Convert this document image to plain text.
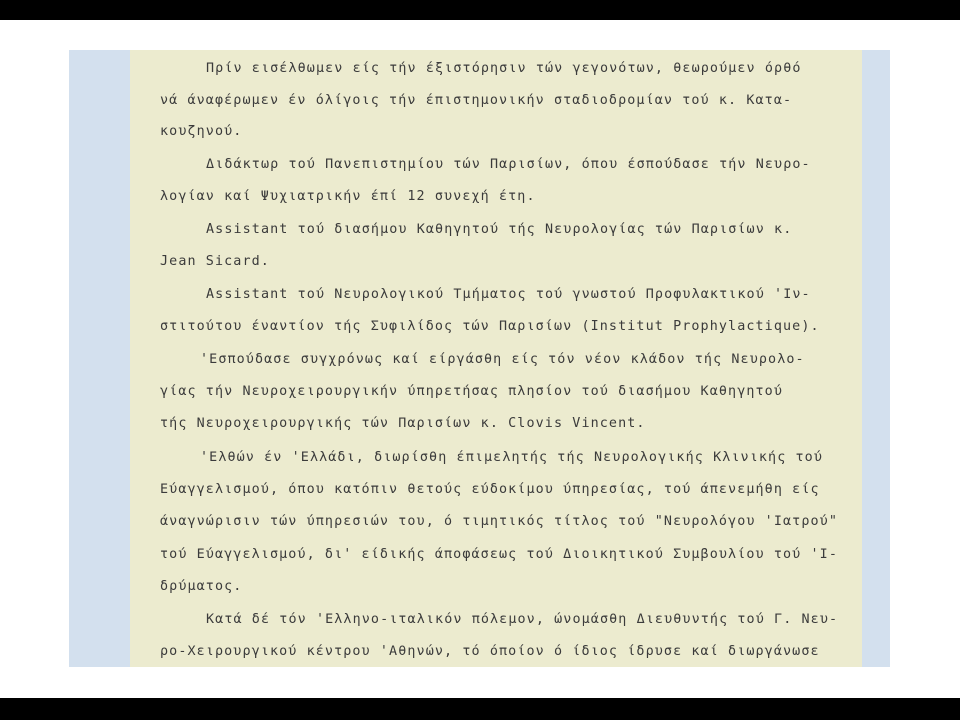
Πρίν εισέλθωμεν είς τήν έξιστόρησιν τών γεγονότων, θεωρούμεν όρθό
νά άναφέρωμεν έν όλίγοις τήν έπιστημονικήν σταδιοδρομίαν τού κ. Κατα-
κουζηνού.
Διδάκτωρ τού Πανεπιστημίου τών Παρισίων, όπου έσπούδασε τήν Νευρο-
λογίαν καί Ψυχιατρικήν έπί 12 συνεχή έτη.
Assistant τού διασήμου Καθηγητού τής Νευρολογίας τών Παρισίων κ.
Jean Sicard.
Assistant τού Νευρολογικού Τμήματος τού γνωστού Προφυλακτικού 'Ιν-
στιτούτου έναντίον τής Συφιλίδος τών Παρισίων (Institut Prophylactique).
'Εσπούδασε συγχρόνως καί είργάσθη είς τόν νέον κλάδον τής Νευρολο-
γίας τήν Νευροχειρουργικήν ύπηρετήσας πλησίον τού διασήμου Καθηγητού
τής Νευροχειρουργικής τών Παρισίων κ. Clovis Vincent.
'Ελθών έν 'Ελλάδι, διωρίσθη έπιμελητής τής Νευρολογικής Κλινικής τού
Εύαγγελισμού, όπου κατόπιν θετούς εύδοκίμου ύπηρεσίας, τού άπενεμήθη είς
άναγνώρισιν τών ύπηρεσιών του, ό τιμητικός τίτλος τού "Νευρολόγου 'Ιατρού"
τού Εύαγγελισμού, δι' είδικής άποφάσεως τού Διοικητικού Συμβουλίου τού 'Ι-
δρύματος.
Κατά δέ τόν 'Ελληνο-ιταλικόν πόλεμον, ώνομάσθη Διευθυντής τού Γ. Νευ-
ρο-Χειρουργικού κέντρου 'Αθηνών, τό όποίον ό ίδιος ίδρυσε καί διωργάνωσε
